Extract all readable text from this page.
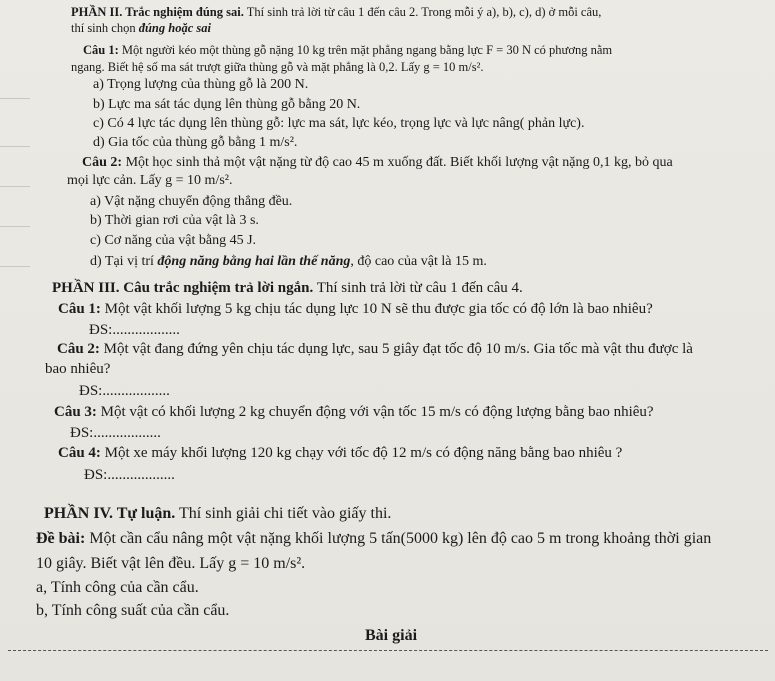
PHẦN II. Trắc nghiệm đúng sai. Thí sinh trả lời từ câu 1 đến câu 2. Trong mỗi ý a), b), c), d) ở mỗi câu,
thí sinh chọn đúng hoặc sai
Câu 1: Một người kéo một thùng gỗ nặng 10 kg trên mặt phẳng ngang bằng lực F = 30 N có phương nằm
ngang. Biết hệ số ma sát trượt giữa thùng gỗ và mặt phẳng là 0,2. Lấy g = 10 m/s².
a) Trọng lượng của thùng gỗ là 200 N.
b) Lực ma sát tác dụng lên thùng gỗ bằng 20 N.
c) Có 4 lực tác dụng lên thùng gỗ: lực ma sát, lực kéo, trọng lực và lực nâng( phản lực).
d) Gia tốc của thùng gỗ bằng 1 m/s².
Câu 2: Một học sinh thả một vật nặng từ độ cao 45 m xuống đất. Biết khối lượng vật nặng 0,1 kg, bỏ qua
mọi lực cản. Lấy g = 10 m/s².
a) Vật nặng chuyển động thẳng đều.
b) Thời gian rơi của vật là 3 s.
c) Cơ năng của vật bằng 45 J.
d) Tại vị trí động năng bằng hai lần thế năng, độ cao của vật là 15 m.
PHẦN III. Câu trắc nghiệm trả lời ngắn. Thí sinh trả lời từ câu 1 đến câu 4.
Câu 1: Một vật khối lượng 5 kg chịu tác dụng lực 10 N sẽ thu được gia tốc có độ lớn là bao nhiêu?
ĐS:..................
Câu 2: Một vật đang đứng yên chịu tác dụng lực, sau 5 giây đạt tốc độ 10 m/s. Gia tốc mà vật thu được là
bao nhiêu?
ĐS:..................
Câu 3: Một vật có khối lượng 2 kg chuyển động với vận tốc 15 m/s có động lượng bằng bao nhiêu?
ĐS:..................
Câu 4: Một xe máy khối lượng 120 kg chạy với tốc độ 12 m/s có động năng bằng bao nhiêu ?
ĐS:..................
PHẦN IV. Tự luận. Thí sinh giải chi tiết vào giấy thi.
Đề bài: Một cần cẩu nâng một vật nặng khối lượng 5 tấn(5000 kg) lên độ cao 5 m trong khoảng thời gian
10 giây. Biết vật lên đều. Lấy g = 10 m/s².
a, Tính công của cần cẩu.
b, Tính công suất của cần cẩu.
Bài giải
